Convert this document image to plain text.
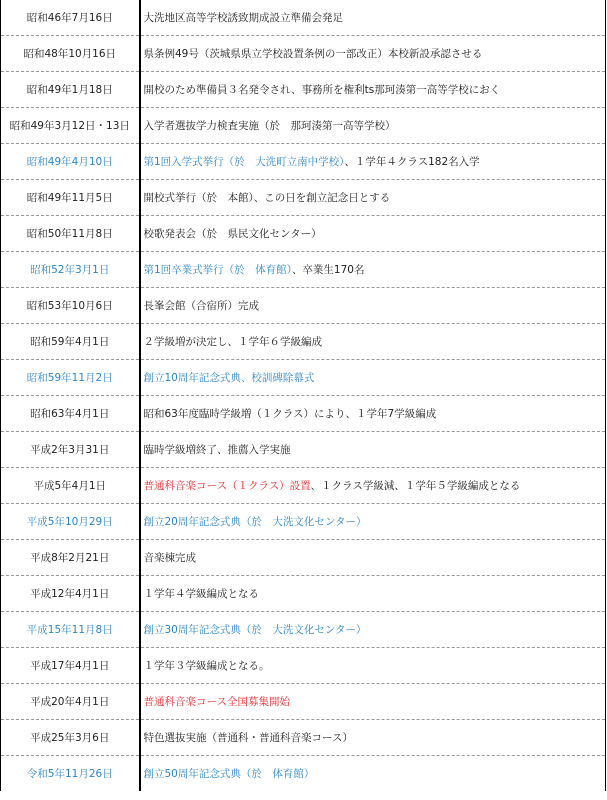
昭和46年7月16日	大洗地区高等学校誘致期成設立準備会発足
昭和48年10月16日	県条例49号（茨城県県立学校設置条例の一部改正）本校新設承認させる
昭和49年1月18日	開校のため準備員３名発令され、事務所を権利ts那珂湊第一高等学校におく
昭和49年3月12日・13日	入学者選抜学力検査実施（於　那珂湊第一高等学校）
昭和49年4月10日	第1回入学式挙行（於　大洗町立南中学校）、１学年４クラス182名入学
昭和49年11月5日	開校式挙行（於　本館）、この日を創立記念日とする
昭和50年11月8日	校歌発表会（於　県民文化センター）
昭和52年3月1日	第1回卒業式挙行（於　体育館）、卒業生170名
昭和53年10月6日	長峯会館（合宿所）完成
昭和59年4月1日	２学級増が決定し、１学年６学級編成
昭和59年11月2日	創立10周年記念式典、校訓碑除幕式
昭和63年4月1日	昭和63年度臨時学級増（１クラス）により、１学年7学級編成
平成2年3月31日	臨時学級増終了、推薦入学実施
平成5年4月1日	普通科音楽コース（１クラス）設置、１クラス学級減、１学年５学級編成となる
平成5年10月29日	創立20周年記念式典（於　大洗文化センター）
平成8年2月21日	音楽棟完成
平成12年4月1日	１学年４学級編成となる
平成15年11月8日	創立30周年記念式典（於　大洗文化センター）
平成17年4月1日	１学年３学級編成となる。
平成20年4月1日	普通科音楽コース全国募集開始
平成25年3月6日	特色選抜実施（普通科・普通科音楽コース）
令和5年11月26日	創立50周年記念式典（於　体育館）
